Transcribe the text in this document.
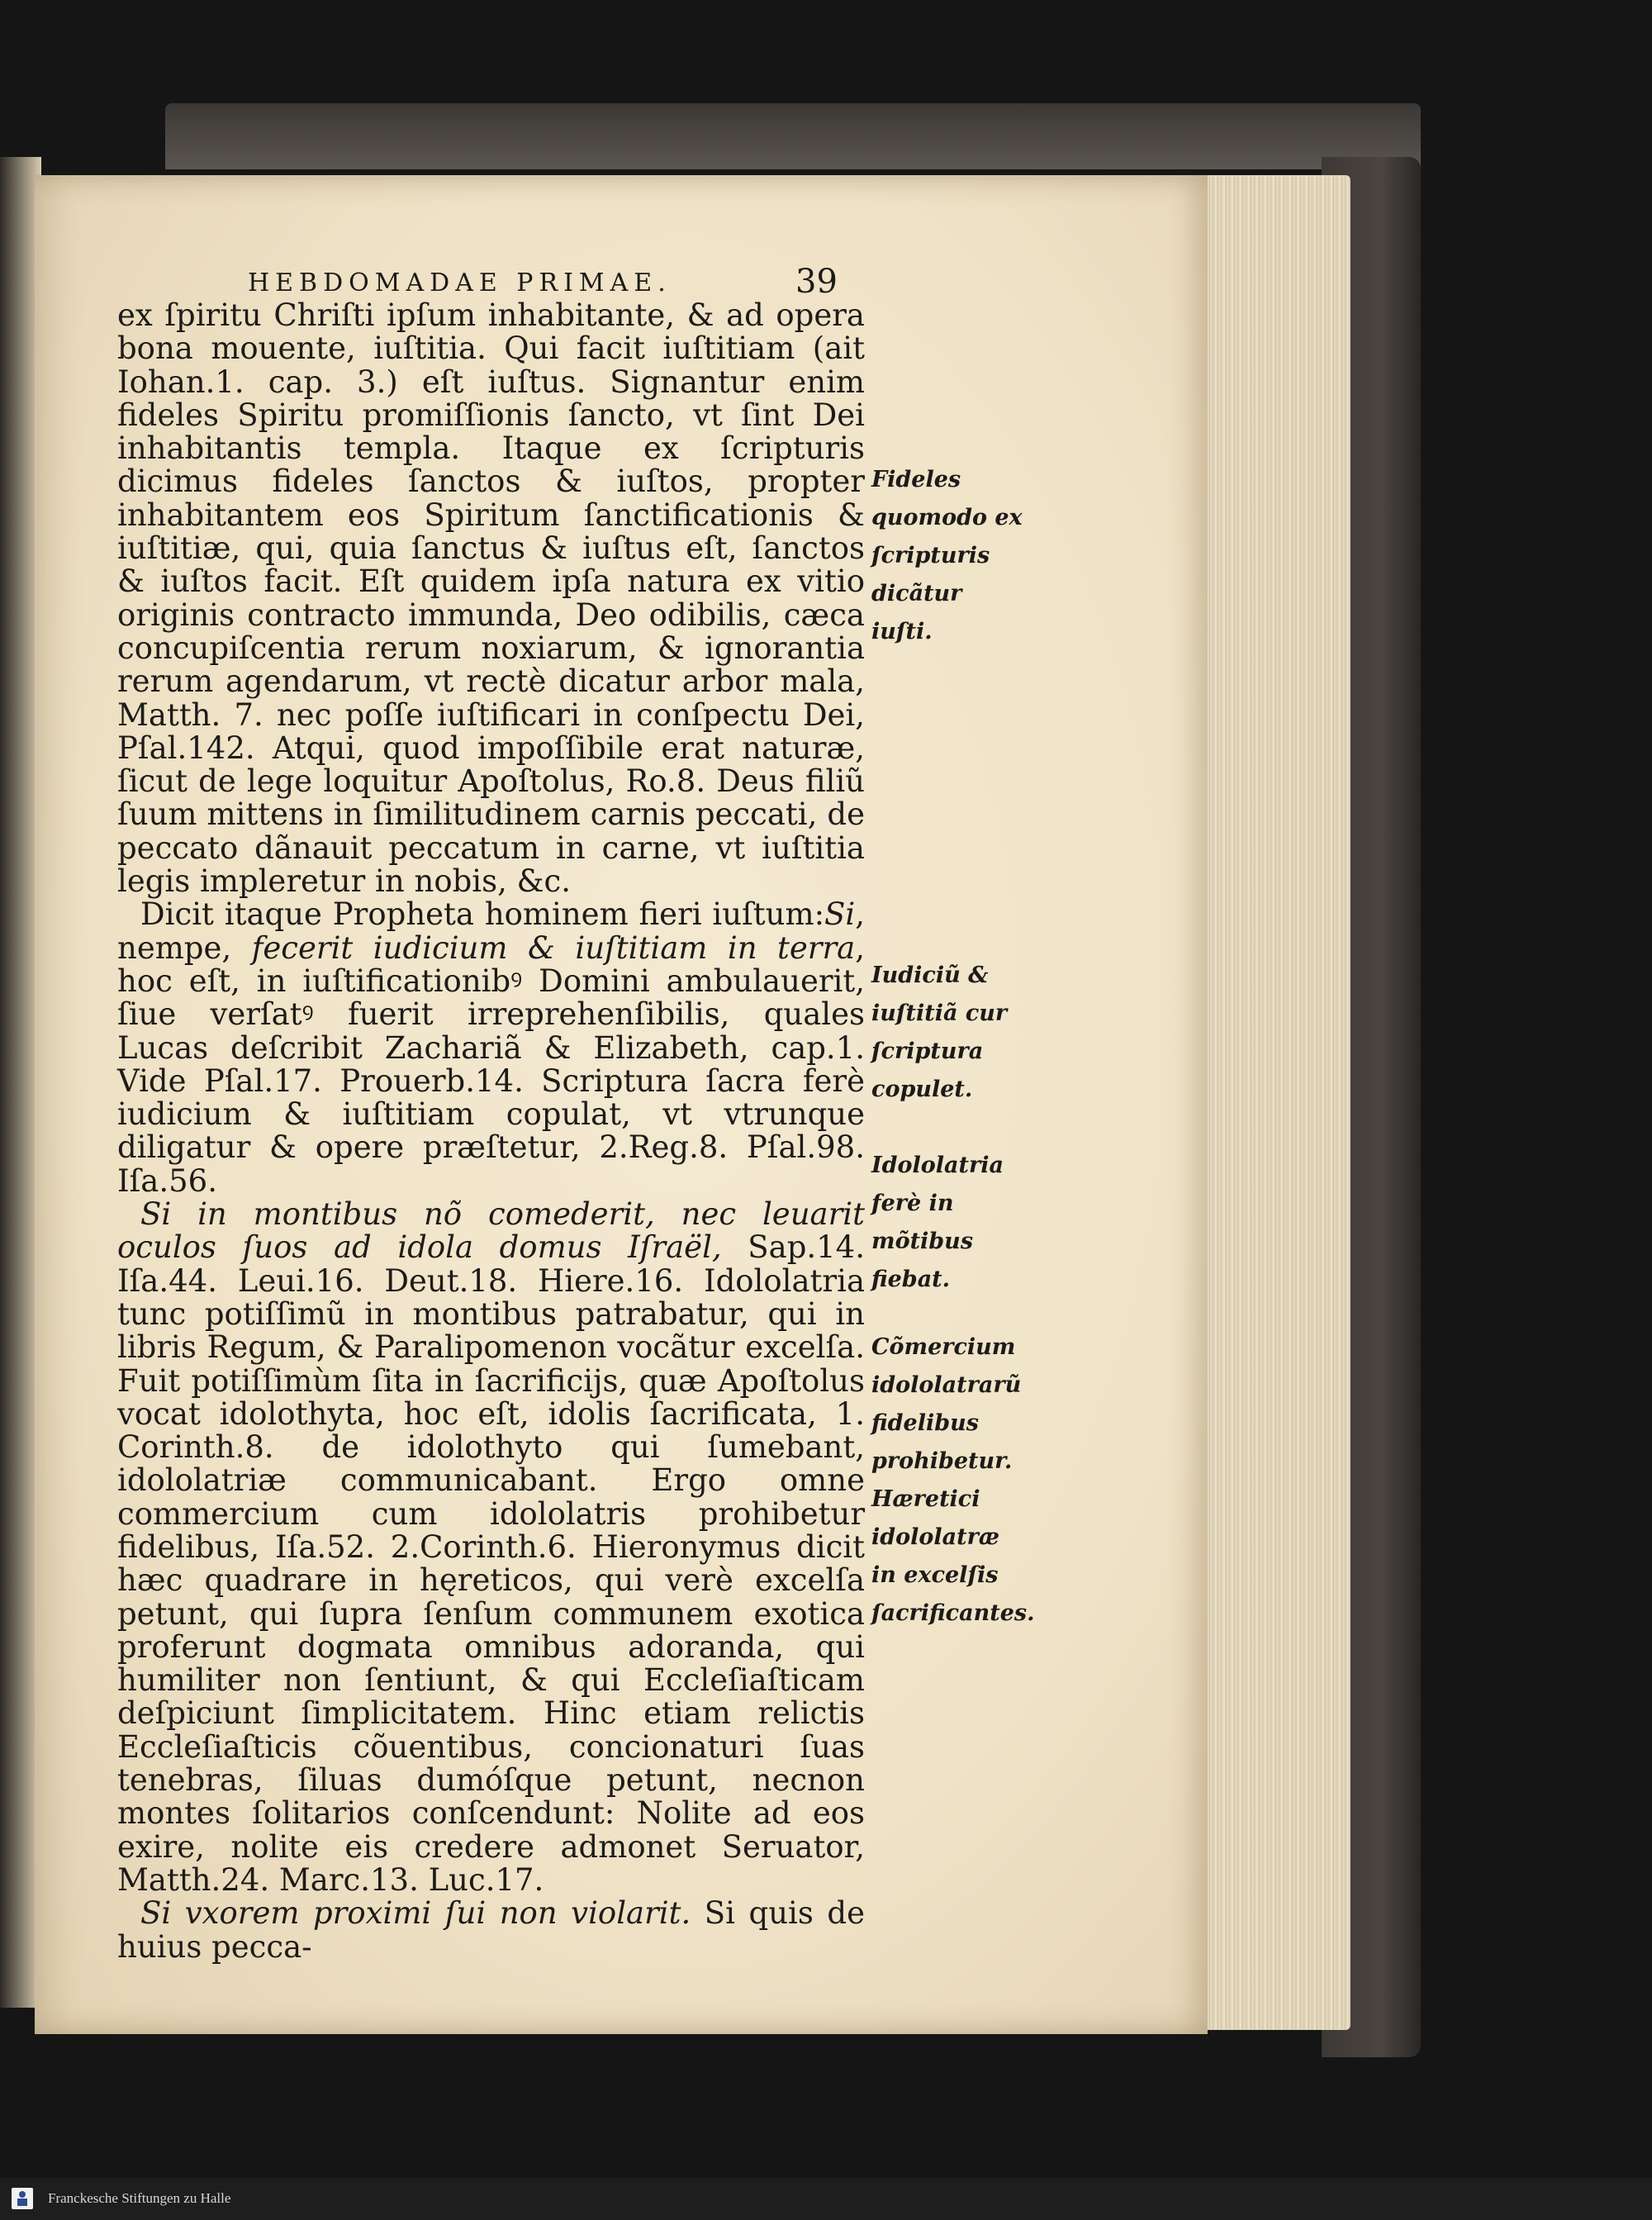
HEBDOMADAE PRIMAE.	39

ex ſpiritu Chriſti ipſum inhabitante, & ad opera bona mouente, iuſtitia. Qui facit iuſtitiam (ait Iohan.1. cap. 3.) eſt iuſtus. Signantur enim fideles Spiritu promiſſionis ſancto, vt ſint Dei inhabitantis templa. Itaque ex ſcripturis dicimus fideles ſanctos & iuſtos, propter inhabitantem eos Spiritum ſanctificationis & iuſtitiæ, qui, quia ſanctus & iuſtus eſt, ſanctos & iuſtos facit. Eſt quidem ipſa natura ex vitio originis contracto immunda, Deo odibilis, cæca concupiſcentia rerum noxiarum, & ignorantia rerum agendarum, vt rectè dicatur arbor mala, Matth. 7. nec poſſe iuſtificari in conſpectu Dei, Pſal.142. Atqui, quod impoſſibile erat naturæ, ſicut de lege loquitur Apoſtolus, Ro.8. Deus filiũ ſuum mittens in ſimilitudinem carnis peccati, de peccato dãnauit peccatum in carne, vt iuſtitia legis impleretur in nobis, &c.

Dicit itaque Propheta hominem fieri iuſtum:Si, nempe, fecerit iudicium & iuſtitiam in terra, hoc eſt, in iuſtificationibꝰ Domini ambulauerit, ſiue verſatꝰ fuerit irreprehenſibilis, quales Lucas deſcribit Zachariã & Elizabeth, cap.1. Vide Pſal.17. Prouerb.14. Scriptura ſacra ferè iudicium & iuſtitiam copulat, vt vtrunque diligatur & opere præſtetur, 2.Reg.8. Pſal.98. Iſa.56.

Si in montibus nõ comederit, nec leuarit oculos ſuos ad idola domus Iſraël, Sap.14. Iſa.44. Leui.16. Deut.18. Hiere.16. Idololatria tunc potiſſimũ in montibus patrabatur, qui in libris Regum, & Paralipomenon vocãtur excelſa. Fuit potiſſimùm ſita in ſacrificijs, quæ Apoſtolus vocat idolothyta, hoc eſt, idolis ſacrificata, 1. Corinth.8. de idolothyto qui ſumebant, idololatriæ communicabant. Ergo omne commercium cum idololatris prohibetur fidelibus, Iſa.52. 2.Corinth.6. Hieronymus dicit hæc quadrare in hęreticos, qui verè excelſa petunt, qui ſupra ſenſum communem exotica proferunt dogmata omnibus adoranda, qui humiliter non ſentiunt, & qui Eccleſiaſticam deſpiciunt ſimplicitatem. Hinc etiam relictis Eccleſiaſticis cõuentibus, concionaturi ſuas tenebras, ſiluas dumóſque petunt, necnon montes ſolitarios conſcendunt: Nolite ad eos exire, nolite eis credere admonet Seruator, Matth.24. Marc.13. Luc.17.

Si vxorem proximi ſui non violarit. Si quis de huius pecca-

Fideles quomodo ex ſcripturis dicãtur iuſti.
Iudiciũ & iuſtitiã cur ſcriptura copulet.
Idololatria ferè in mõtibus fiebat.
Cõmercium idololatrarũ fidelibus prohibetur. Hæretici idololatræ in excelſis ſacrificantes.
Franckesche Stiftungen zu Halle
